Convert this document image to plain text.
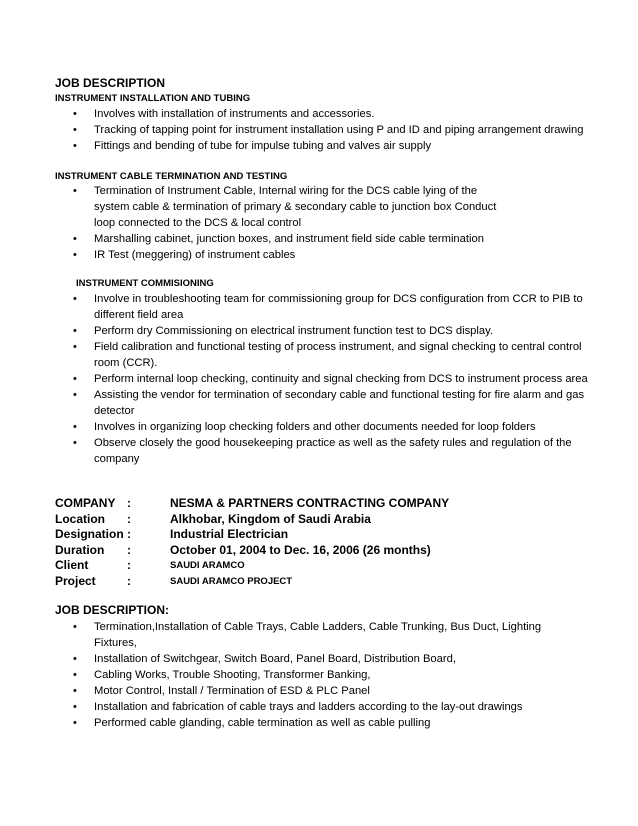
JOB DESCRIPTION
INSTRUMENT INSTALLATION AND TUBING
• Involves with installation of instruments and accessories.
• Tracking of tapping point for instrument installation using P and ID and piping arrangement drawing
• Fittings and bending of tube for impulse tubing and valves air supply
INSTRUMENT CABLE TERMINATION AND TESTING
• Termination of Instrument Cable, Internal wiring for the DCS cable lying of the system cable & termination of primary & secondary cable to junction box Conduct loop connected to the DCS & local control
• Marshalling cabinet, junction boxes, and instrument field side cable termination
• IR Test (meggering) of instrument cables
INSTRUMENT COMMISIONING
• Involve in troubleshooting team for commissioning group for DCS configuration from CCR to PIB to different field area
• Perform dry Commissioning on electrical instrument function test to DCS display.
• Field calibration and functional testing of process instrument, and signal checking to central control room (CCR).
• Perform internal loop checking, continuity and signal checking from DCS to instrument process area
• Assisting the vendor for termination of secondary cable and functional testing for fire alarm and gas detector
• Involves in organizing loop checking folders and other documents needed for loop folders
• Observe closely the good housekeeping practice as well as the safety rules and regulation of the company
COMPANY :	NESMA & PARTNERS CONTRACTING COMPANY
Location :	Alkhobar, Kingdom of Saudi Arabia
Designation :	Industrial Electrician
Duration :	October 01, 2004 to Dec. 16, 2006 (26 months)
Client	:	SAUDI ARAMCO
Project	:	SAUDI ARAMCO PROJECT
JOB DESCRIPTION:
• Termination,Installation of Cable Trays, Cable Ladders, Cable Trunking, Bus Duct, Lighting Fixtures,
• Installation of Switchgear, Switch Board, Panel Board, Distribution Board,
• Cabling Works, Trouble Shooting, Transformer Banking,
• Motor Control, Install / Termination of ESD & PLC Panel
• Installation and fabrication of cable trays and ladders according to the lay-out drawings
• Performed cable glanding, cable termination as well as cable pulling
